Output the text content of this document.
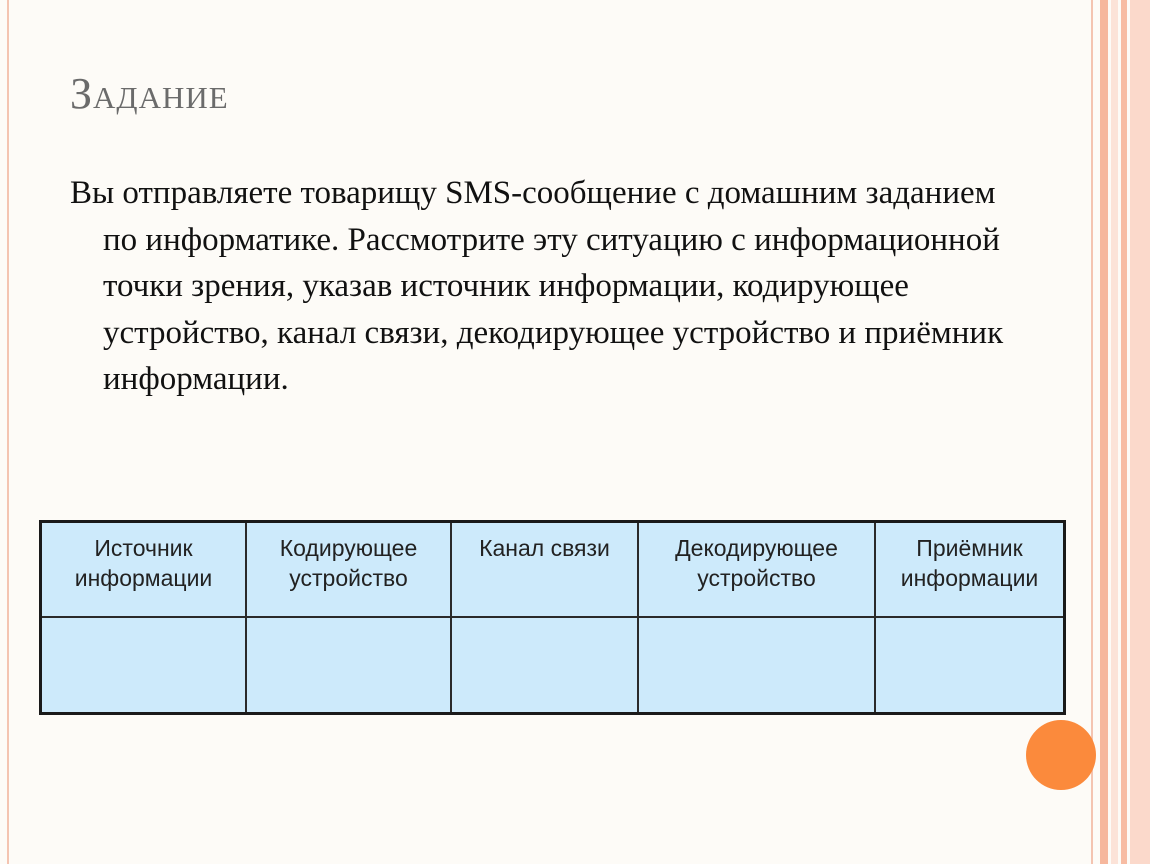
Задание

Вы отправляете товарищу SMS-сообщение с домашним заданием по информатике. Рассмотрите эту ситуацию с информационной точки зрения, указав источник информации, кодирующее устройство, канал связи, декодирующее устройство и приёмник информации.

Источник информации	Кодирующее устройство	Канал связи	Декодирующее устройство	Приёмник информации
